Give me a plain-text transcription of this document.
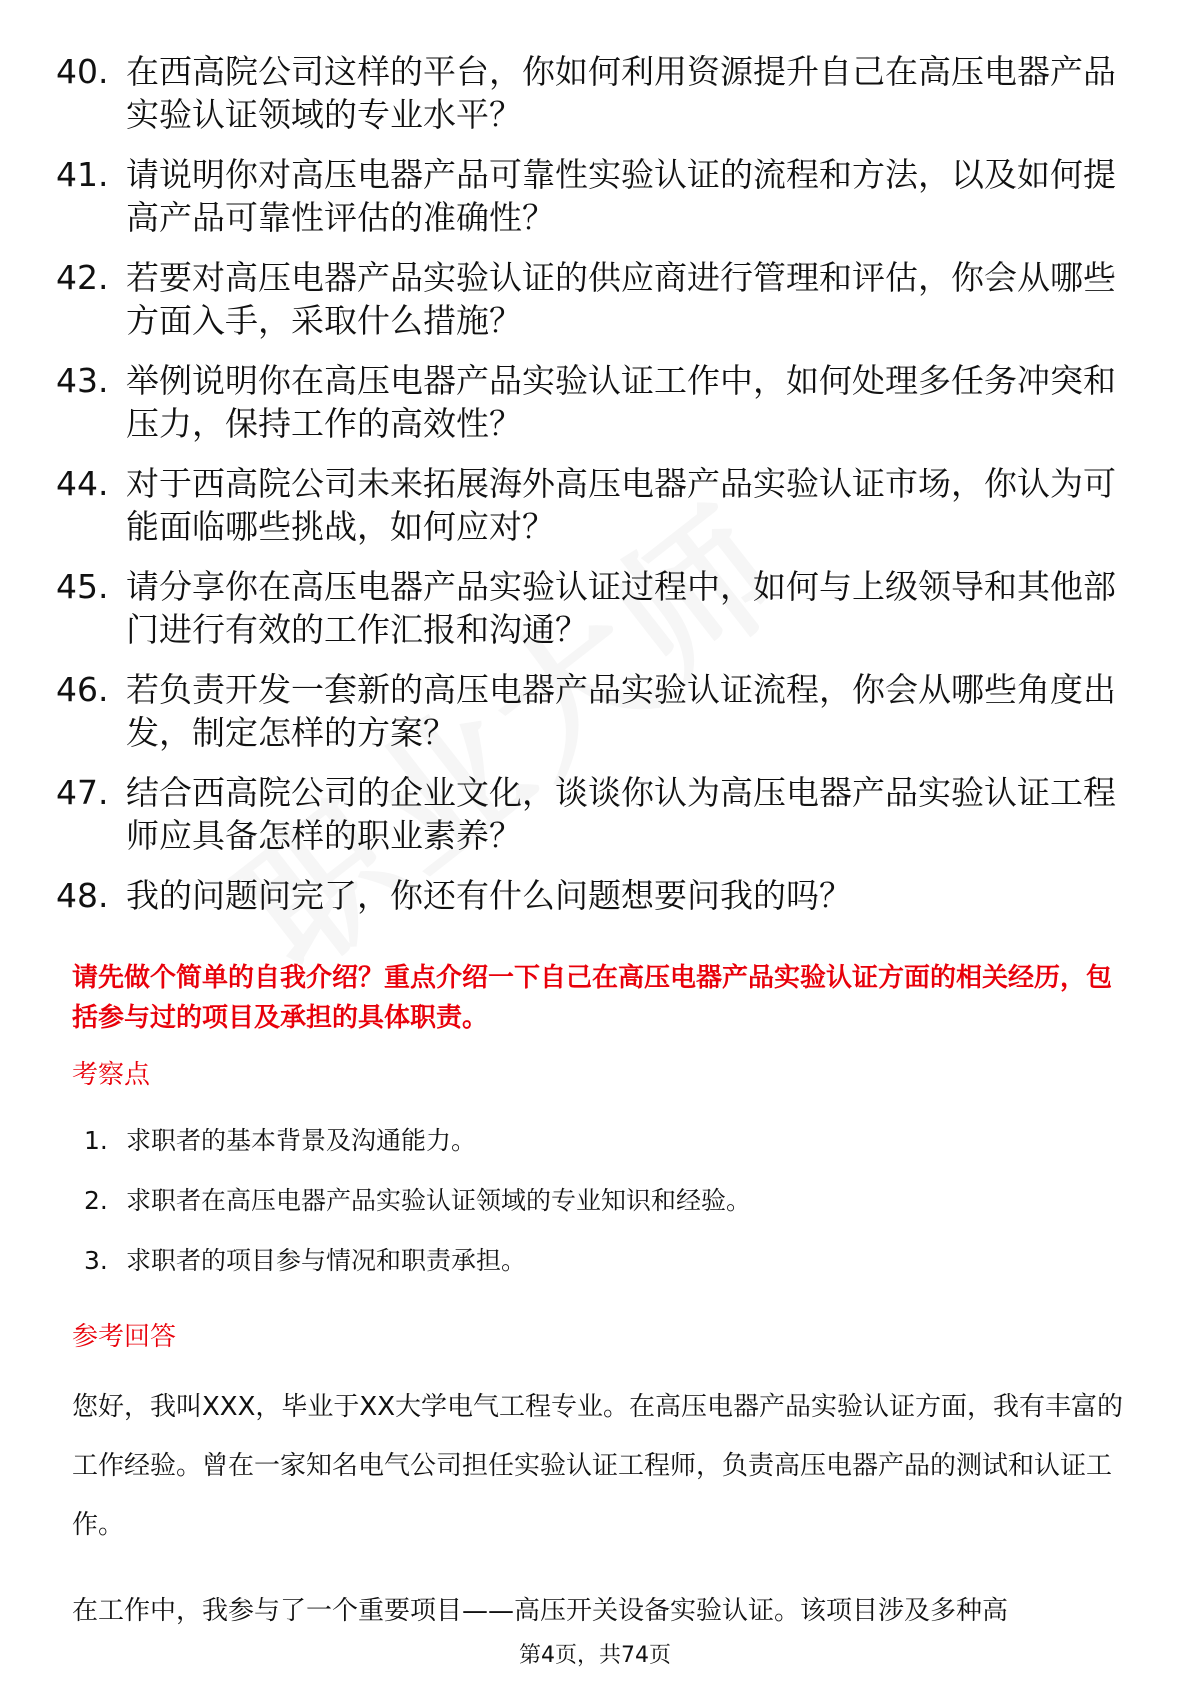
40. 在西高院公司这样的平台，你如何利用资源提升自己在高压电器产品实验认证领域的专业水平？
41. 请说明你对高压电器产品可靠性实验认证的流程和方法，以及如何提高产品可靠性评估的准确性？
42. 若要对高压电器产品实验认证的供应商进行管理和评估，你会从哪些方面入手，采取什么措施？
43. 举例说明你在高压电器产品实验认证工作中，如何处理多任务冲突和压力，保持工作的高效性？
44. 对于西高院公司未来拓展海外高压电器产品实验认证市场，你认为可能面临哪些挑战，如何应对？
45. 请分享你在高压电器产品实验认证过程中，如何与上级领导和其他部门进行有效的工作汇报和沟通？
46. 若负责开发一套新的高压电器产品实验认证流程，你会从哪些角度出发，制定怎样的方案？
47. 结合西高院公司的企业文化，谈谈你认为高压电器产品实验认证工程师应具备怎样的职业素养？
48. 我的问题问完了，你还有什么问题想要问我的吗？
请先做个简单的自我介绍？重点介绍一下自己在高压电器产品实验认证方面的相关经历，包括参与过的项目及承担的具体职责。
考察点
1. 求职者的基本背景及沟通能力。
2. 求职者在高压电器产品实验认证领域的专业知识和经验。
3. 求职者的项目参与情况和职责承担。
参考回答
您好，我叫XXX，毕业于XX大学电气工程专业。在高压电器产品实验认证方面，我有丰富的工作经验。曾在一家知名电气公司担任实验认证工程师，负责高压电器产品的测试和认证工作。
在工作中，我参与了一个重要项目——高压开关设备实验认证。该项目涉及多种高
第4页，共74页
